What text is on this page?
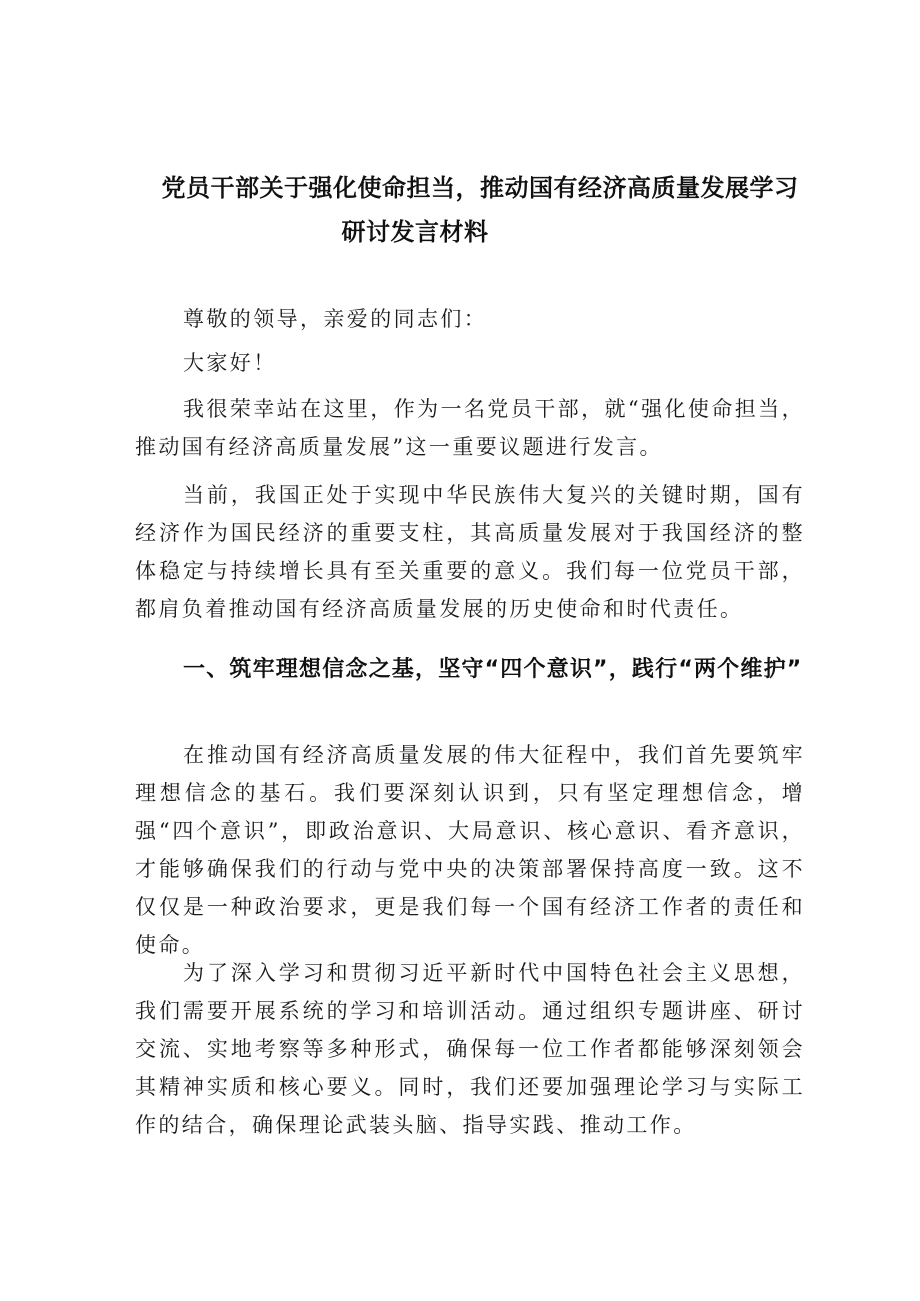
党员干部关于强化使命担当，推动国有经济高质量发展学习
研讨发言材料

尊敬的领导，亲爱的同志们：

大家好！

我很荣幸站在这里，作为一名党员干部，就“强化使命担当，推动国有经济高质量发展”这一重要议题进行发言。

当前，我国正处于实现中华民族伟大复兴的关键时期，国有经济作为国民经济的重要支柱，其高质量发展对于我国经济的整体稳定与持续增长具有至关重要的意义。我们每一位党员干部，都肩负着推动国有经济高质量发展的历史使命和时代责任。

一、筑牢理想信念之基，坚守“四个意识”，践行“两个维护”

在推动国有经济高质量发展的伟大征程中，我们首先要筑牢理想信念的基石。我们要深刻认识到，只有坚定理想信念，增强“四个意识”，即政治意识、大局意识、核心意识、看齐意识，才能够确保我们的行动与党中央的决策部署保持高度一致。这不仅仅是一种政治要求，更是我们每一个国有经济工作者的责任和使命。

为了深入学习和贯彻习近平新时代中国特色社会主义思想，我们需要开展系统的学习和培训活动。通过组织专题讲座、研讨交流、实地考察等多种形式，确保每一位工作者都能够深刻领会其精神实质和核心要义。同时，我们还要加强理论学习与实际工作的结合，确保理论武装头脑、指导实践、推动工作。
